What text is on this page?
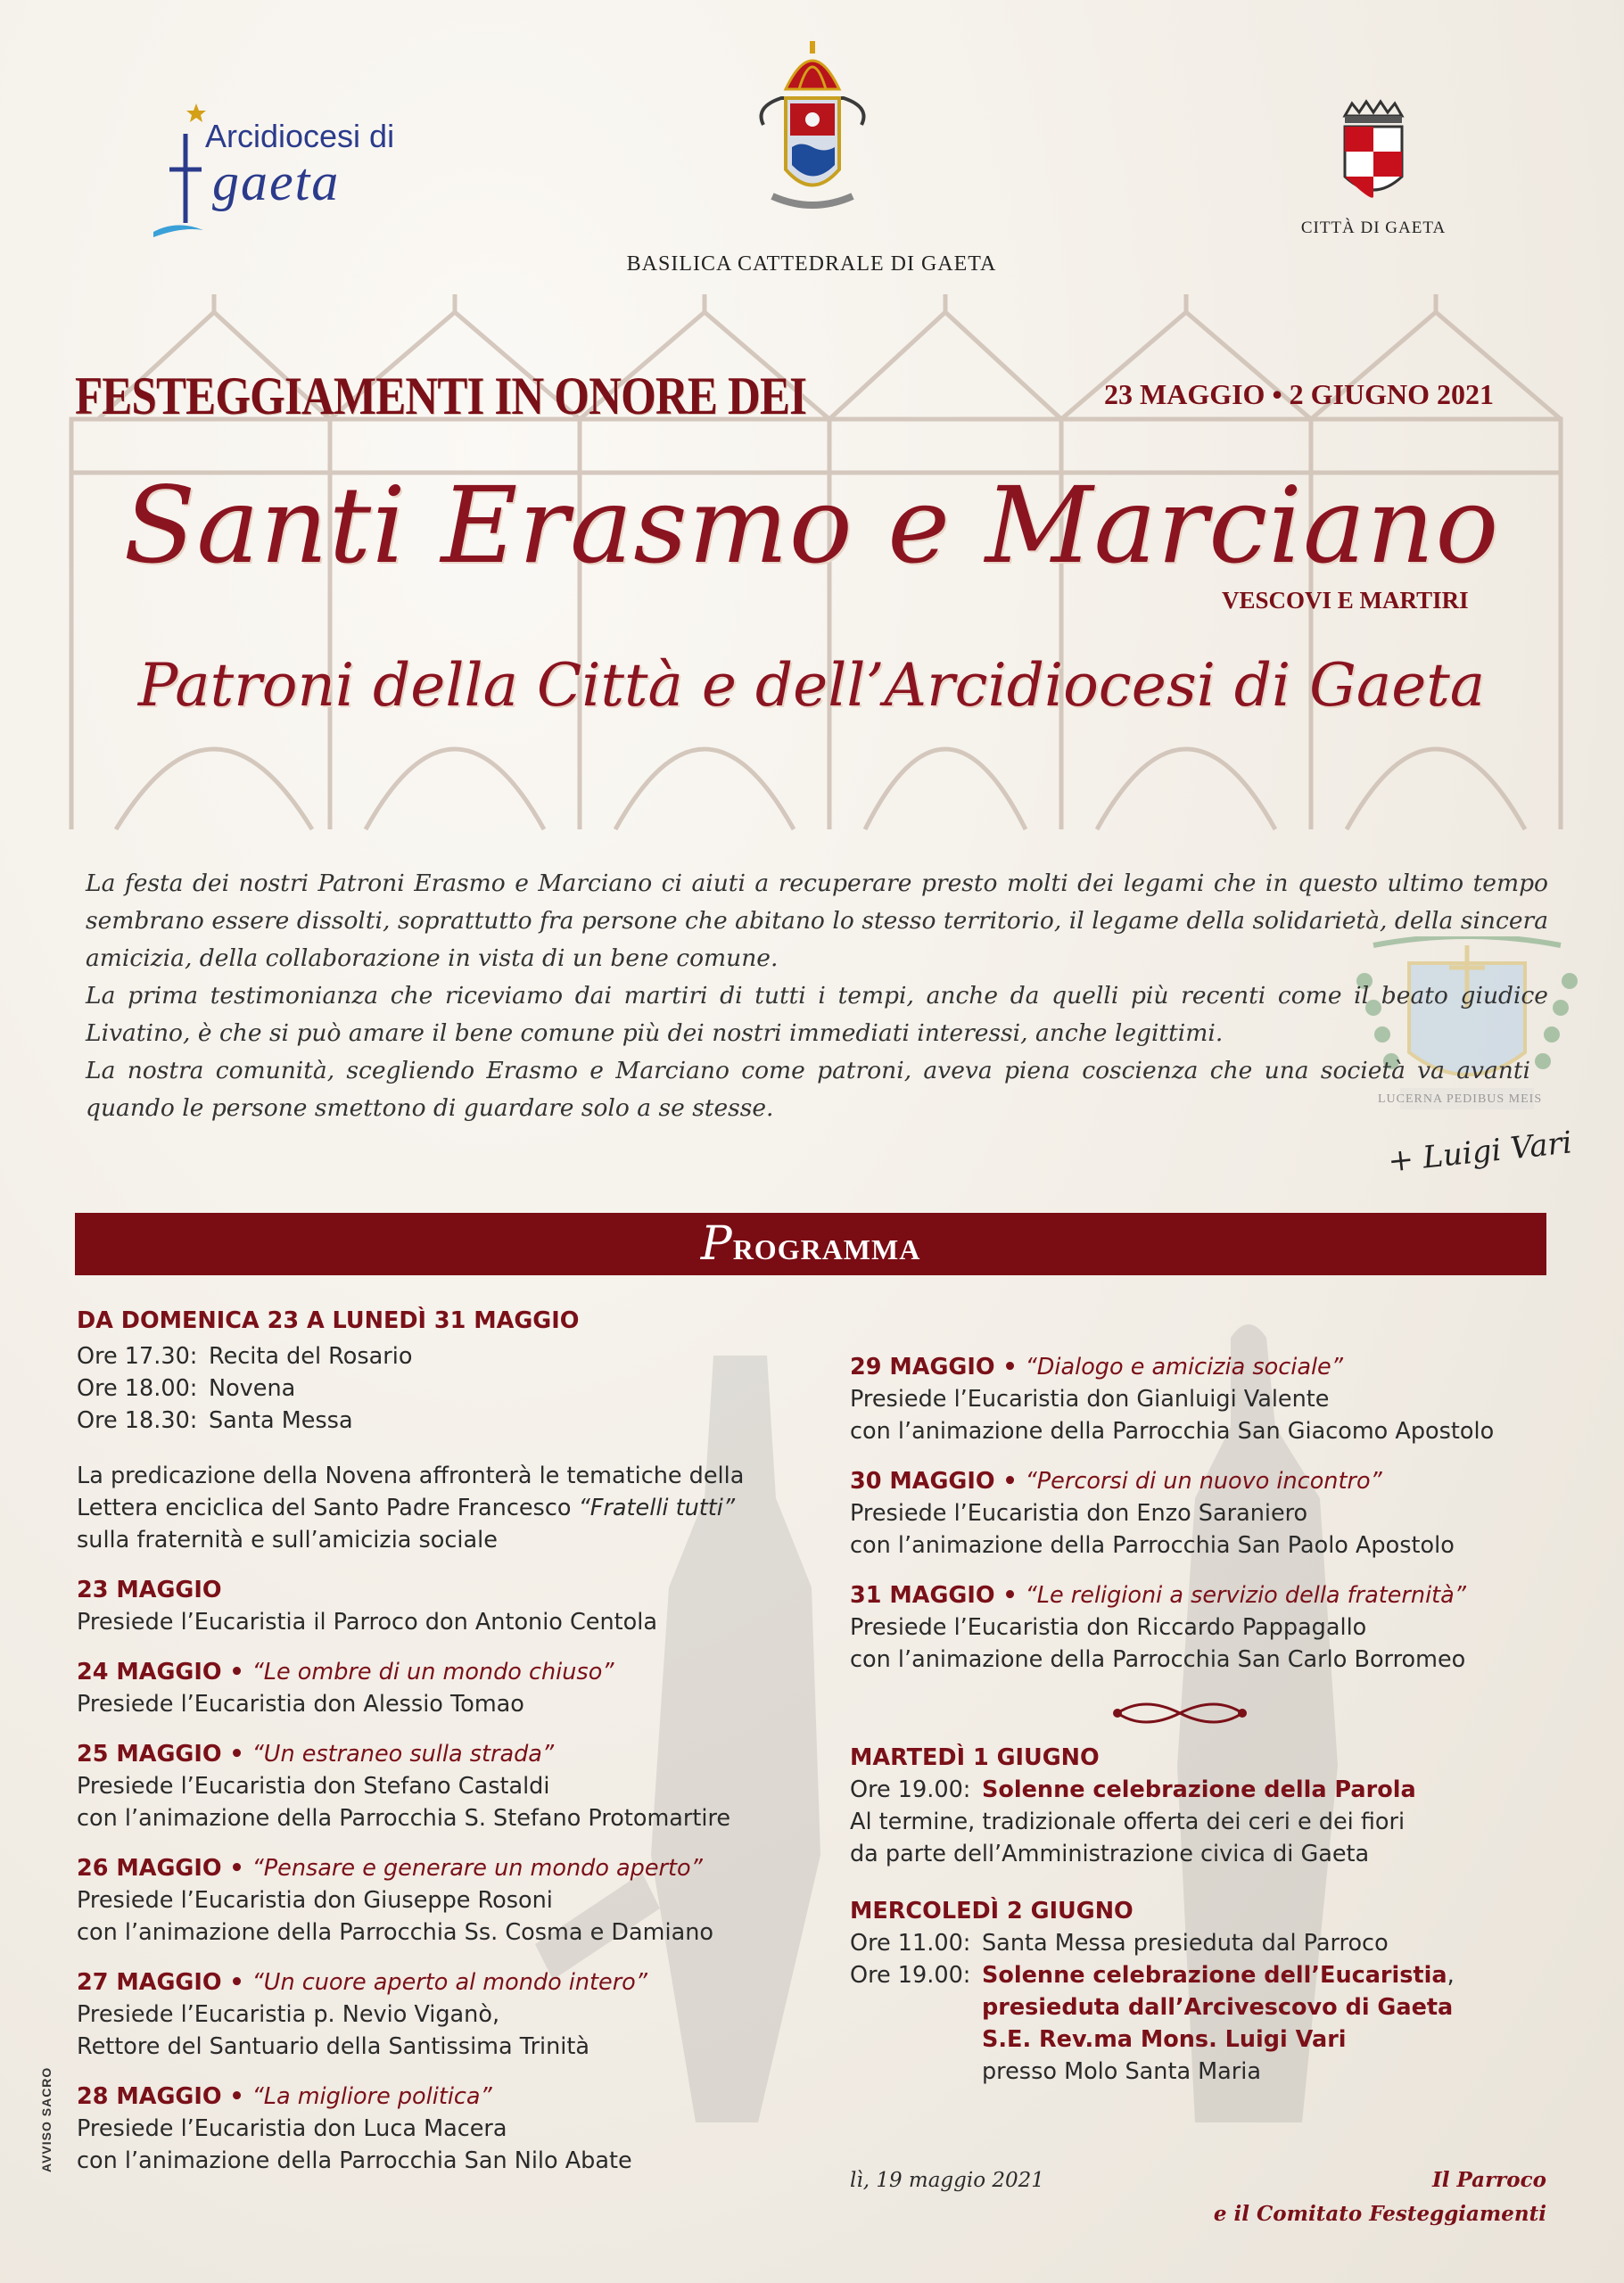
Arcidiocesi di
gaeta
BASILICA CATTEDRALE DI GAETA
CITTÀ DI GAETA
FESTEGGIAMENTI IN ONORE DEI	23 MAGGIO • 2 GIUGNO 2021
Santi Erasmo e Marciano
VESCOVI E MARTIRI
Patroni della Città e dell’Arcidiocesi di Gaeta
LUCERNA PEDIBUS MEIS

La festa dei nostri Patroni Erasmo e Marciano ci aiuti a recuperare presto molti dei legami che in questo ultimo tempo sembrano essere dissolti, soprattutto fra persone che abitano lo stesso territorio, il legame della solidarietà, della sincera amicizia, della collaborazione in vista di un bene comune.

La prima testimonianza che riceviamo dai martiri di tutti i tempi, anche da quelli più recenti come il beato giudice Livatino, è che si può amare il bene comune più dei nostri immediati interessi, anche legittimi.

La nostra comunità, scegliendo Erasmo e Marciano come patroni, aveva piena coscienza che una società va avanti quando le persone smettono di guardare solo a se stesse.

+ Luigi Vari
PROGRAMMA
DA DOMENICA 23 A LUNEDÌ 31 MAGGIO
Ore 17.30: Recita del Rosario
Ore 18.00: Novena
Ore 18.30: Santa Messa
La predicazione della Novena affronterà le tematiche della
Lettera enciclica del Santo Padre Francesco “Fratelli tutti”
sulla fraternità e sull’amicizia sociale
23 MAGGIO
Presiede l’Eucaristia il Parroco don Antonio Centola
24 MAGGIO • “Le ombre di un mondo chiuso”
Presiede l’Eucaristia don Alessio Tomao
25 MAGGIO • “Un estraneo sulla strada”
Presiede l’Eucaristia don Stefano Castaldi
con l’animazione della Parrocchia S. Stefano Protomartire
26 MAGGIO • “Pensare e generare un mondo aperto”
Presiede l’Eucaristia don Giuseppe Rosoni
con l’animazione della Parrocchia Ss. Cosma e Damiano
27 MAGGIO • “Un cuore aperto al mondo intero”
Presiede l’Eucaristia p. Nevio Viganò,
Rettore del Santuario della Santissima Trinità
28 MAGGIO • “La migliore politica”
Presiede l’Eucaristia don Luca Macera
con l’animazione della Parrocchia San Nilo Abate
29 MAGGIO • “Dialogo e amicizia sociale”
Presiede l’Eucaristia don Gianluigi Valente
con l’animazione della Parrocchia San Giacomo Apostolo
30 MAGGIO • “Percorsi di un nuovo incontro”
Presiede l’Eucaristia don Enzo Saraniero
con l’animazione della Parrocchia San Paolo Apostolo
31 MAGGIO • “Le religioni a servizio della fraternità”
Presiede l’Eucaristia don Riccardo Pappagallo
con l’animazione della Parrocchia San Carlo Borromeo
MARTEDÌ 1 GIUGNO
Ore 19.00: Solenne celebrazione della Parola
Al termine, tradizionale offerta dei ceri e dei fiori
da parte dell’Amministrazione civica di Gaeta
MERCOLEDÌ 2 GIUGNO
Ore 11.00: Santa Messa presieduta dal Parroco
Ore 19.00: Solenne celebrazione dell’Eucaristia,
presieduta dall’Arcivescovo di Gaeta
S.E. Rev.ma Mons. Luigi Vari
presso Molo Santa Maria
lì, 19 maggio 2021	Il Parroco
e il Comitato Festeggiamenti
AVVISO SACRO
